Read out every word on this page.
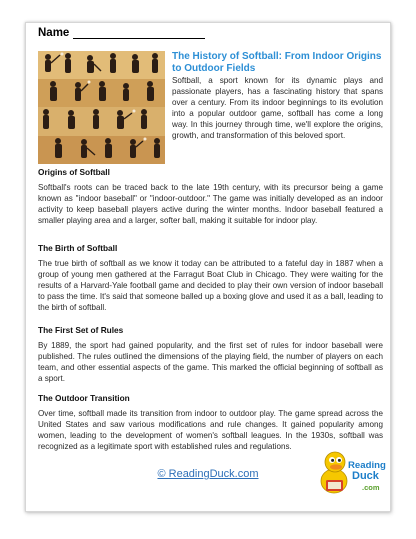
Name
The History of Softball: From Indoor Origins to Outdoor Fields
Softball, a sport known for its dynamic plays and passionate players, has a fascinating history that spans over a century. From its indoor beginnings to its evolution into a popular outdoor game, softball has come a long way. In this journey through time, we'll explore the origins, growth, and transformation of this beloved sport.
Origins of Softball

Softball's roots can be traced back to the late 19th century, with its precursor being a game known as "indoor baseball" or "indoor-outdoor." The game was initially developed as an indoor activity to keep baseball players active during the winter months. Indoor baseball featured a smaller playing area and a larger, softer ball, making it suitable for indoor play.

The Birth of Softball

The true birth of softball as we know it today can be attributed to a fateful day in 1887 when a group of young men gathered at the Farragut Boat Club in Chicago. They were waiting for the results of a Harvard-Yale football game and decided to play their own version of indoor baseball to pass the time. It's said that someone balled up a boxing glove and used it as a ball, leading to the birth of softball.

The First Set of Rules

By 1889, the sport had gained popularity, and the first set of rules for indoor baseball were published. The rules outlined the dimensions of the playing field, the number of players on each team, and other essential aspects of the game. This marked the official beginning of softball as a sport.

The Outdoor Transition

Over time, softball made its transition from indoor to outdoor play. The game spread across the United States and saw various modifications and rule changes. It gained popularity among women, leading to the development of women's softball leagues. In the 1930s, softball was recognized as a legitimate sport with established rules and regulations.

© ReadingDuck.com
Reading
Duck
.com
